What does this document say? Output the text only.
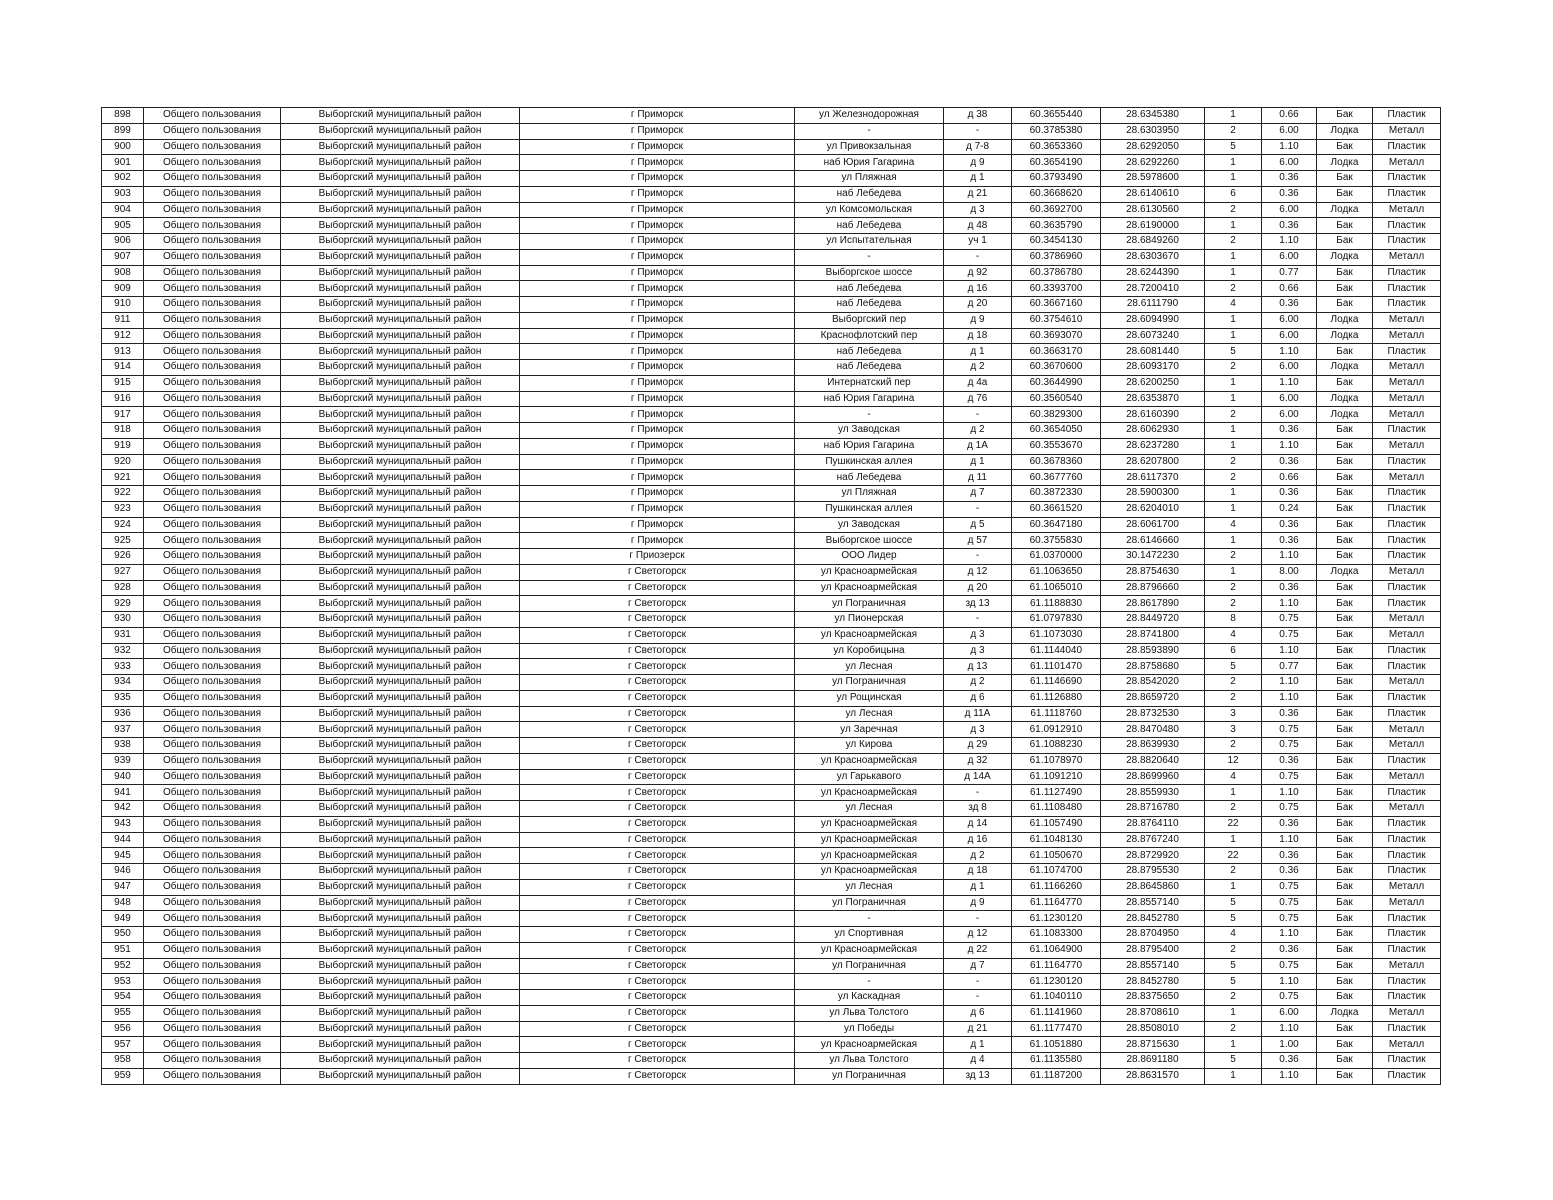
898	Общего пользования	Выборгский муниципальный район	г Приморск	ул Железнодорожная	д 38	60.3655440	28.6345380	1	0.66	Бак	Пластик
899	Общего пользования	Выборгский муниципальный район	г Приморск	-	-	60.3785380	28.6303950	2	6.00	Лодка	Металл
900	Общего пользования	Выборгский муниципальный район	г Приморск	ул Привокзальная	д 7-8	60.3653360	28.6292050	5	1.10	Бак	Пластик
901	Общего пользования	Выборгский муниципальный район	г Приморск	наб Юрия Гагарина	д 9	60.3654190	28.6292260	1	6.00	Лодка	Металл
902	Общего пользования	Выборгский муниципальный район	г Приморск	ул Пляжная	д 1	60.3793490	28.5978600	1	0.36	Бак	Пластик
903	Общего пользования	Выборгский муниципальный район	г Приморск	наб Лебедева	д 21	60.3668620	28.6140610	6	0.36	Бак	Пластик
904	Общего пользования	Выборгский муниципальный район	г Приморск	ул Комсомольская	д 3	60.3692700	28.6130560	2	6.00	Лодка	Металл
905	Общего пользования	Выборгский муниципальный район	г Приморск	наб Лебедева	д 48	60.3635790	28.6190000	1	0.36	Бак	Пластик
906	Общего пользования	Выборгский муниципальный район	г Приморск	ул Испытательная	уч 1	60.3454130	28.6849260	2	1.10	Бак	Пластик
907	Общего пользования	Выборгский муниципальный район	г Приморск	-	-	60.3786960	28.6303670	1	6.00	Лодка	Металл
908	Общего пользования	Выборгский муниципальный район	г Приморск	Выборгское шоссе	д 92	60.3786780	28.6244390	1	0.77	Бак	Пластик
909	Общего пользования	Выборгский муниципальный район	г Приморск	наб Лебедева	д 16	60.3393700	28.7200410	2	0.66	Бак	Пластик
910	Общего пользования	Выборгский муниципальный район	г Приморск	наб Лебедева	д 20	60.3667160	28.6111790	4	0.36	Бак	Пластик
911	Общего пользования	Выборгский муниципальный район	г Приморск	Выборгский пер	д 9	60.3754610	28.6094990	1	6.00	Лодка	Металл
912	Общего пользования	Выборгский муниципальный район	г Приморск	Краснофлотский пер	д 18	60.3693070	28.6073240	1	6.00	Лодка	Металл
913	Общего пользования	Выборгский муниципальный район	г Приморск	наб Лебедева	д 1	60.3663170	28.6081440	5	1.10	Бак	Пластик
914	Общего пользования	Выборгский муниципальный район	г Приморск	наб Лебедева	д 2	60.3670600	28.6093170	2	6.00	Лодка	Металл
915	Общего пользования	Выборгский муниципальный район	г Приморск	Интернатский пер	д 4а	60.3644990	28.6200250	1	1.10	Бак	Металл
916	Общего пользования	Выборгский муниципальный район	г Приморск	наб Юрия Гагарина	д 76	60.3560540	28.6353870	1	6.00	Лодка	Металл
917	Общего пользования	Выборгский муниципальный район	г Приморск	-	-	60.3829300	28.6160390	2	6.00	Лодка	Металл
918	Общего пользования	Выборгский муниципальный район	г Приморск	ул Заводская	д 2	60.3654050	28.6062930	1	0.36	Бак	Пластик
919	Общего пользования	Выборгский муниципальный район	г Приморск	наб Юрия Гагарина	д 1А	60.3553670	28.6237280	1	1.10	Бак	Металл
920	Общего пользования	Выборгский муниципальный район	г Приморск	Пушкинская аллея	д 1	60.3678360	28.6207800	2	0.36	Бак	Пластик
921	Общего пользования	Выборгский муниципальный район	г Приморск	наб Лебедева	д 11	60.3677760	28.6117370	2	0.66	Бак	Металл
922	Общего пользования	Выборгский муниципальный район	г Приморск	ул Пляжная	д 7	60.3872330	28.5900300	1	0.36	Бак	Пластик
923	Общего пользования	Выборгский муниципальный район	г Приморск	Пушкинская аллея	-	60.3661520	28.6204010	1	0.24	Бак	Пластик
924	Общего пользования	Выборгский муниципальный район	г Приморск	ул Заводская	д 5	60.3647180	28.6061700	4	0.36	Бак	Пластик
925	Общего пользования	Выборгский муниципальный район	г Приморск	Выборгское шоссе	д 57	60.3755830	28.6146660	1	0.36	Бак	Пластик
926	Общего пользования	Выборгский муниципальный район	г Приозерск	ООО Лидер	-	61.0370000	30.1472230	2	1.10	Бак	Пластик
927	Общего пользования	Выборгский муниципальный район	г Светогорск	ул Красноармейская	д 12	61.1063650	28.8754630	1	8.00	Лодка	Металл
928	Общего пользования	Выборгский муниципальный район	г Светогорск	ул Красноармейская	д 20	61.1065010	28.8796660	2	0.36	Бак	Пластик
929	Общего пользования	Выборгский муниципальный район	г Светогорск	ул Пограничная	зд 13	61.1188830	28.8617890	2	1.10	Бак	Пластик
930	Общего пользования	Выборгский муниципальный район	г Светогорск	ул Пионерская	-	61.0797830	28.8449720	8	0.75	Бак	Металл
931	Общего пользования	Выборгский муниципальный район	г Светогорск	ул Красноармейская	д 3	61.1073030	28.8741800	4	0.75	Бак	Металл
932	Общего пользования	Выборгский муниципальный район	г Светогорск	ул Коробицына	д 3	61.1144040	28.8593890	6	1.10	Бак	Пластик
933	Общего пользования	Выборгский муниципальный район	г Светогорск	ул Лесная	д 13	61.1101470	28.8758680	5	0.77	Бак	Пластик
934	Общего пользования	Выборгский муниципальный район	г Светогорск	ул Пограничная	д 2	61.1146690	28.8542020	2	1.10	Бак	Металл
935	Общего пользования	Выборгский муниципальный район	г Светогорск	ул Рощинская	д 6	61.1126880	28.8659720	2	1.10	Бак	Пластик
936	Общего пользования	Выборгский муниципальный район	г Светогорск	ул Лесная	д 11А	61.1118760	28.8732530	3	0.36	Бак	Пластик
937	Общего пользования	Выборгский муниципальный район	г Светогорск	ул Заречная	д 3	61.0912910	28.8470480	3	0.75	Бак	Металл
938	Общего пользования	Выборгский муниципальный район	г Светогорск	ул Кирова	д 29	61.1088230	28.8639930	2	0.75	Бак	Металл
939	Общего пользования	Выборгский муниципальный район	г Светогорск	ул Красноармейская	д 32	61.1078970	28.8820640	12	0.36	Бак	Пластик
940	Общего пользования	Выборгский муниципальный район	г Светогорск	ул Гарькавого	д 14А	61.1091210	28.8699960	4	0.75	Бак	Металл
941	Общего пользования	Выборгский муниципальный район	г Светогорск	ул Красноармейская	-	61.1127490	28.8559930	1	1.10	Бак	Пластик
942	Общего пользования	Выборгский муниципальный район	г Светогорск	ул Лесная	зд 8	61.1108480	28.8716780	2	0.75	Бак	Металл
943	Общего пользования	Выборгский муниципальный район	г Светогорск	ул Красноармейская	д 14	61.1057490	28.8764110	22	0.36	Бак	Пластик
944	Общего пользования	Выборгский муниципальный район	г Светогорск	ул Красноармейская	д 16	61.1048130	28.8767240	1	1.10	Бак	Пластик
945	Общего пользования	Выборгский муниципальный район	г Светогорск	ул Красноармейская	д 2	61.1050670	28.8729920	22	0.36	Бак	Пластик
946	Общего пользования	Выборгский муниципальный район	г Светогорск	ул Красноармейская	д 18	61.1074700	28.8795530	2	0.36	Бак	Пластик
947	Общего пользования	Выборгский муниципальный район	г Светогорск	ул Лесная	д 1	61.1166260	28.8645860	1	0.75	Бак	Металл
948	Общего пользования	Выборгский муниципальный район	г Светогорск	ул Пограничная	д 9	61.1164770	28.8557140	5	0.75	Бак	Металл
949	Общего пользования	Выборгский муниципальный район	г Светогорск	-	-	61.1230120	28.8452780	5	0.75	Бак	Пластик
950	Общего пользования	Выборгский муниципальный район	г Светогорск	ул Спортивная	д 12	61.1083300	28.8704950	4	1.10	Бак	Пластик
951	Общего пользования	Выборгский муниципальный район	г Светогорск	ул Красноармейская	д 22	61.1064900	28.8795400	2	0.36	Бак	Пластик
952	Общего пользования	Выборгский муниципальный район	г Светогорск	ул Пограничная	д 7	61.1164770	28.8557140	5	0.75	Бак	Металл
953	Общего пользования	Выборгский муниципальный район	г Светогорск	-	-	61.1230120	28.8452780	5	1.10	Бак	Пластик
954	Общего пользования	Выборгский муниципальный район	г Светогорск	ул Каскадная	-	61.1040110	28.8375650	2	0.75	Бак	Пластик
955	Общего пользования	Выборгский муниципальный район	г Светогорск	ул Льва Толстого	д 6	61.1141960	28.8708610	1	6.00	Лодка	Металл
956	Общего пользования	Выборгский муниципальный район	г Светогорск	ул Победы	д 21	61.1177470	28.8508010	2	1.10	Бак	Пластик
957	Общего пользования	Выборгский муниципальный район	г Светогорск	ул Красноармейская	д 1	61.1051880	28.8715630	1	1.00	Бак	Металл
958	Общего пользования	Выборгский муниципальный район	г Светогорск	ул Льва Толстого	д 4	61.1135580	28.8691180	5	0.36	Бак	Пластик
959	Общего пользования	Выборгский муниципальный район	г Светогорск	ул Пограничная	зд 13	61.1187200	28.8631570	1	1.10	Бак	Пластик
